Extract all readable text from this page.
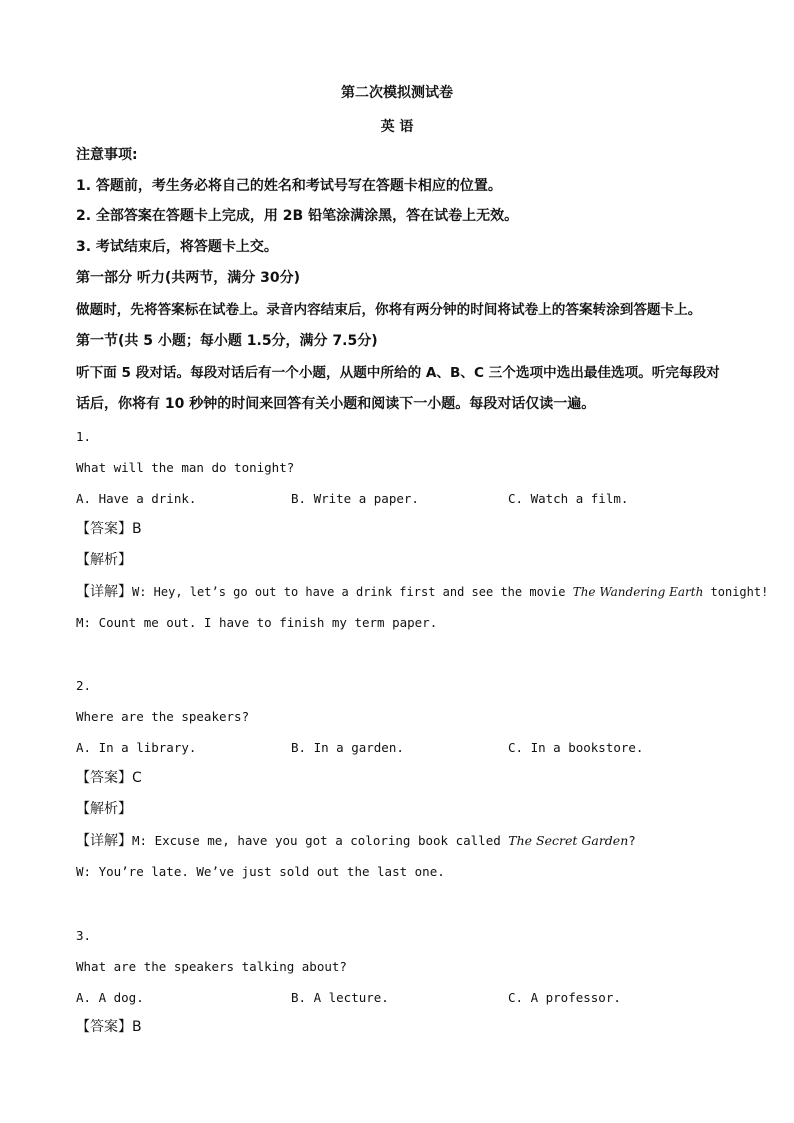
第二次模拟测试卷
英 语
注意事项:
1. 答题前，考生务必将自己的姓名和考试号写在答题卡相应的位置。
2. 全部答案在答题卡上完成，用 2B 铅笔涂满涂黑，答在试卷上无效。
3. 考试结束后，将答题卡上交。
第一部分 听力(共两节，满分 30分)
做题时，先将答案标在试卷上。录音内容结束后，你将有两分钟的时间将试卷上的答案转涂到答题卡上。
第一节(共 5 小题；每小题 1.5分，满分 7.5分)
听下面 5 段对话。每段对话后有一个小题，从题中所给的 A、B、C 三个选项中选出最佳选项。听完每段对
话后，你将有 10 秒钟的时间来回答有关小题和阅读下一小题。每段对话仅读一遍。
1.
What will the man do tonight?
A. Have a drink.	B. Write a paper.	C. Watch a film.
【答案】B
【解析】
【详解】W: Hey, let’s go out to have a drink first and see the movie The Wandering Earth tonight!
M: Count me out. I have to finish my term paper.
2.
Where are the speakers?
A. In a library.	B. In a garden.	C. In a bookstore.
【答案】C
【解析】
【详解】M: Excuse me, have you got a coloring book called The Secret Garden?
W: You’re late. We’ve just sold out the last one.
3.
What are the speakers talking about?
A. A dog.	B. A lecture.	C. A professor.
【答案】B
